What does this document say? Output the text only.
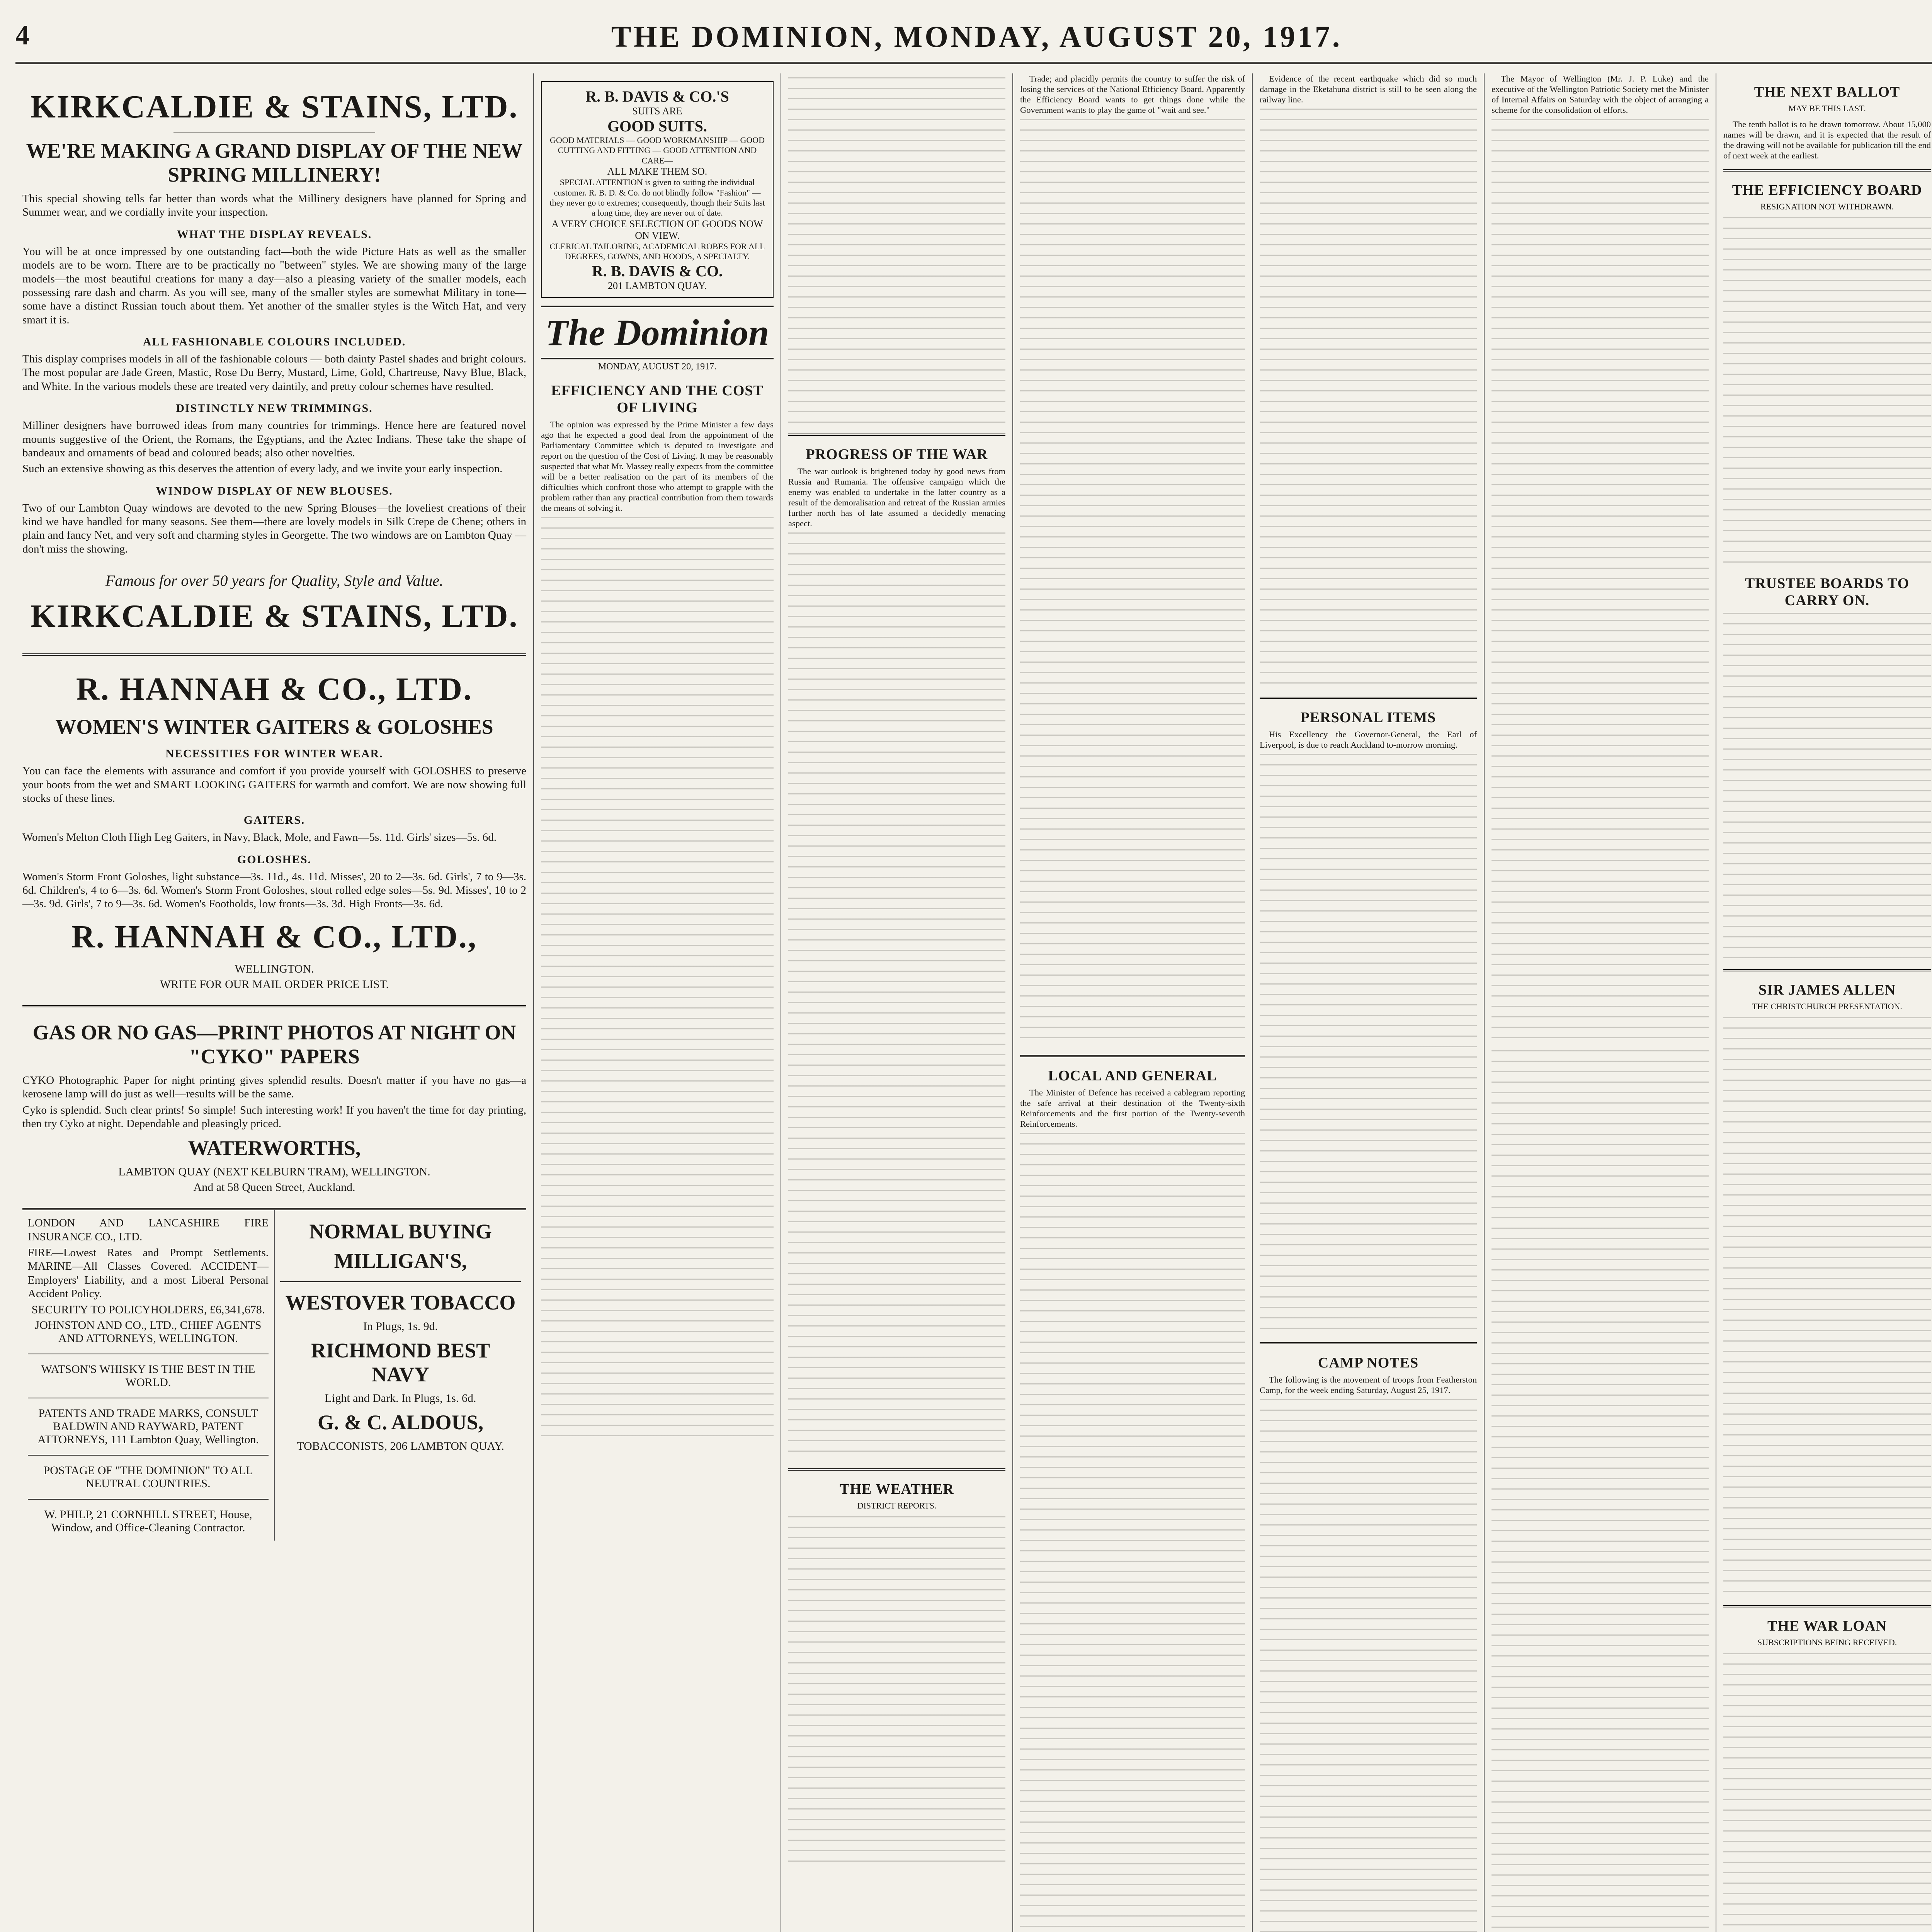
4	THE DOMINION, MONDAY, AUGUST 20, 1917.
KIRKCALDIE & STAINS, LTD.
WE'RE MAKING A GRAND DISPLAY OF THE NEW SPRING MILLINERY!

This special showing tells far better than words what the Millinery designers have planned for Spring and Summer wear, and we cordially invite your inspection.

WHAT THE DISPLAY REVEALS.

You will be at once impressed by one outstanding fact—both the wide Picture Hats as well as the smaller models are to be worn. There are to be practically no "between" styles. We are showing many of the large models—the most beautiful creations for many a day—also a pleasing variety of the smaller models, each possessing rare dash and charm. As you will see, many of the smaller styles are somewhat Military in tone—some have a distinct Russian touch about them. Yet another of the smaller styles is the Witch Hat, and very smart it is.

ALL FASHIONABLE COLOURS INCLUDED.

This display comprises models in all of the fashionable colours — both dainty Pastel shades and bright colours. The most popular are Jade Green, Mastic, Rose Du Berry, Mustard, Lime, Gold, Chartreuse, Navy Blue, Black, and White. In the various models these are treated very daintily, and pretty colour schemes have resulted.

DISTINCTLY NEW TRIMMINGS.

Milliner designers have borrowed ideas from many countries for trimmings. Hence here are featured novel mounts suggestive of the Orient, the Romans, the Egyptians, and the Aztec Indians. These take the shape of bandeaux and ornaments of bead and coloured beads; also other novelties.

Such an extensive showing as this deserves the attention of every lady, and we invite your early inspection.

WINDOW DISPLAY OF NEW BLOUSES.

Two of our Lambton Quay windows are devoted to the new Spring Blouses—the loveliest creations of their kind we have handled for many seasons. See them—there are lovely models in Silk Crepe de Chene; others in plain and fancy Net, and very soft and charming styles in Georgette. The two windows are on Lambton Quay — don't miss the showing.

Famous for over 50 years for Quality, Style and Value.
KIRKCALDIE & STAINS, LTD.
R. HANNAH & CO., LTD.
WOMEN'S WINTER GAITERS & GOLOSHES
NECESSITIES FOR WINTER WEAR.

You can face the elements with assurance and comfort if you provide yourself with GOLOSHES to preserve your boots from the wet and SMART LOOKING GAITERS for warmth and comfort. We are now showing full stocks of these lines.

GAITERS.

Women's Melton Cloth High Leg Gaiters, in Navy, Black, Mole, and Fawn—5s. 11d. Girls' sizes—5s. 6d.

GOLOSHES.

Women's Storm Front Goloshes, light substance—3s. 11d., 4s. 11d. Misses', 20 to 2—3s. 6d. Girls', 7 to 9—3s. 6d. Children's, 4 to 6—3s. 6d. Women's Storm Front Goloshes, stout rolled edge soles—5s. 9d. Misses', 10 to 2—3s. 9d. Girls', 7 to 9—3s. 6d. Women's Footholds, low fronts—3s. 3d. High Fronts—3s. 6d.

R. HANNAH & CO., LTD.,
WELLINGTON.
WRITE FOR OUR MAIL ORDER PRICE LIST.
GAS OR NO GAS—PRINT PHOTOS AT NIGHT ON "CYKO" PAPERS

CYKO Photographic Paper for night printing gives splendid results. Doesn't matter if you have no gas—a kerosene lamp will do just as well—results will be the same.

Cyko is splendid. Such clear prints! So simple! Such interesting work! If you haven't the time for day printing, then try Cyko at night. Dependable and pleasingly priced.

WATERWORTHS,
LAMBTON QUAY (NEXT KELBURN TRAM), WELLINGTON.
And at 58 Queen Street, Auckland.

LONDON AND LANCASHIRE FIRE INSURANCE CO., LTD.

FIRE—Lowest Rates and Prompt Settlements. MARINE—All Classes Covered. ACCIDENT—Employers' Liability, and a most Liberal Personal Accident Policy.

SECURITY TO POLICYHOLDERS, £6,341,678.
JOHNSTON AND CO., LTD., CHIEF AGENTS AND ATTORNEYS, WELLINGTON.
WATSON'S WHISKY IS THE BEST IN THE WORLD.
PATENTS AND TRADE MARKS, CONSULT BALDWIN AND RAYWARD, PATENT ATTORNEYS, 111 Lambton Quay, Wellington.
POSTAGE OF "THE DOMINION" TO ALL NEUTRAL COUNTRIES.
W. PHILP, 21 CORNHILL STREET, House, Window, and Office-Cleaning Contractor.
NORMAL BUYING
MILLIGAN'S,
WESTOVER TOBACCO
In Plugs, 1s. 9d.
RICHMOND BEST NAVY
Light and Dark. In Plugs, 1s. 6d.
G. & C. ALDOUS,
TOBACCONISTS, 206 LAMBTON QUAY.
R. B. DAVIS & CO.'S
SUITS ARE
GOOD SUITS.
GOOD MATERIALS — GOOD WORKMANSHIP — GOOD CUTTING AND FITTING — GOOD ATTENTION AND CARE—
ALL MAKE THEM SO.
SPECIAL ATTENTION is given to suiting the individual customer. R. B. D. & Co. do not blindly follow "Fashion" — they never go to extremes; consequently, though their Suits last a long time, they are never out of date.
A VERY CHOICE SELECTION OF GOODS NOW ON VIEW.
CLERICAL TAILORING, ACADEMICAL ROBES FOR ALL DEGREES, GOWNS, AND HOODS, A SPECIALTY.
R. B. DAVIS & CO.
201 LAMBTON QUAY.
The Dominion
MONDAY, AUGUST 20, 1917.
EFFICIENCY AND THE COST OF LIVING

The opinion was expressed by the Prime Minister a few days ago that he expected a good deal from the appointment of the Parliamentary Committee which is deputed to investigate and report on the question of the Cost of Living. It may be reasonably suspected that what Mr. Massey really expects from the committee will be a better realisation on the part of its members of the difficulties which confront those who attempt to grapple with the problem rather than any practical contribution from them towards the means of solving it.

PROGRESS OF THE WAR

The war outlook is brightened today by good news from Russia and Rumania. The offensive campaign which the enemy was enabled to undertake in the latter country as a result of the demoralisation and retreat of the Russian armies further north has of late assumed a decidedly menacing aspect.

THE WEATHER
DISTRICT REPORTS.

Trade; and placidly permits the country to suffer the risk of losing the services of the National Efficiency Board. Apparently the Efficiency Board wants to get things done while the Government wants to play the game of "wait and see."

LOCAL AND GENERAL

The Minister of Defence has received a cablegram reporting the safe arrival at their destination of the Twenty-sixth Reinforcements and the first portion of the Twenty-seventh Reinforcements.

Evidence of the recent earthquake which did so much damage in the Eketahuna district is still to be seen along the railway line.

PERSONAL ITEMS

His Excellency the Governor-General, the Earl of Liverpool, is due to reach Auckland to-morrow morning.

CAMP NOTES

The following is the movement of troops from Featherston Camp, for the week ending Saturday, August 25, 1917.

The Mayor of Wellington (Mr. J. P. Luke) and the executive of the Wellington Patriotic Society met the Minister of Internal Affairs on Saturday with the object of arranging a scheme for the consolidation of efforts.

THE NEXT BALLOT
MAY BE THIS LAST.

The tenth ballot is to be drawn tomorrow. About 15,000 names will be drawn, and it is expected that the result of the drawing will not be available for publication till the end of next week at the earliest.

THE EFFICIENCY BOARD
RESIGNATION NOT WITHDRAWN.
TRUSTEE BOARDS TO CARRY ON.
SIR JAMES ALLEN
THE CHRISTCHURCH PRESENTATION.
THE WAR LOAN
SUBSCRIPTIONS BEING RECEIVED.
